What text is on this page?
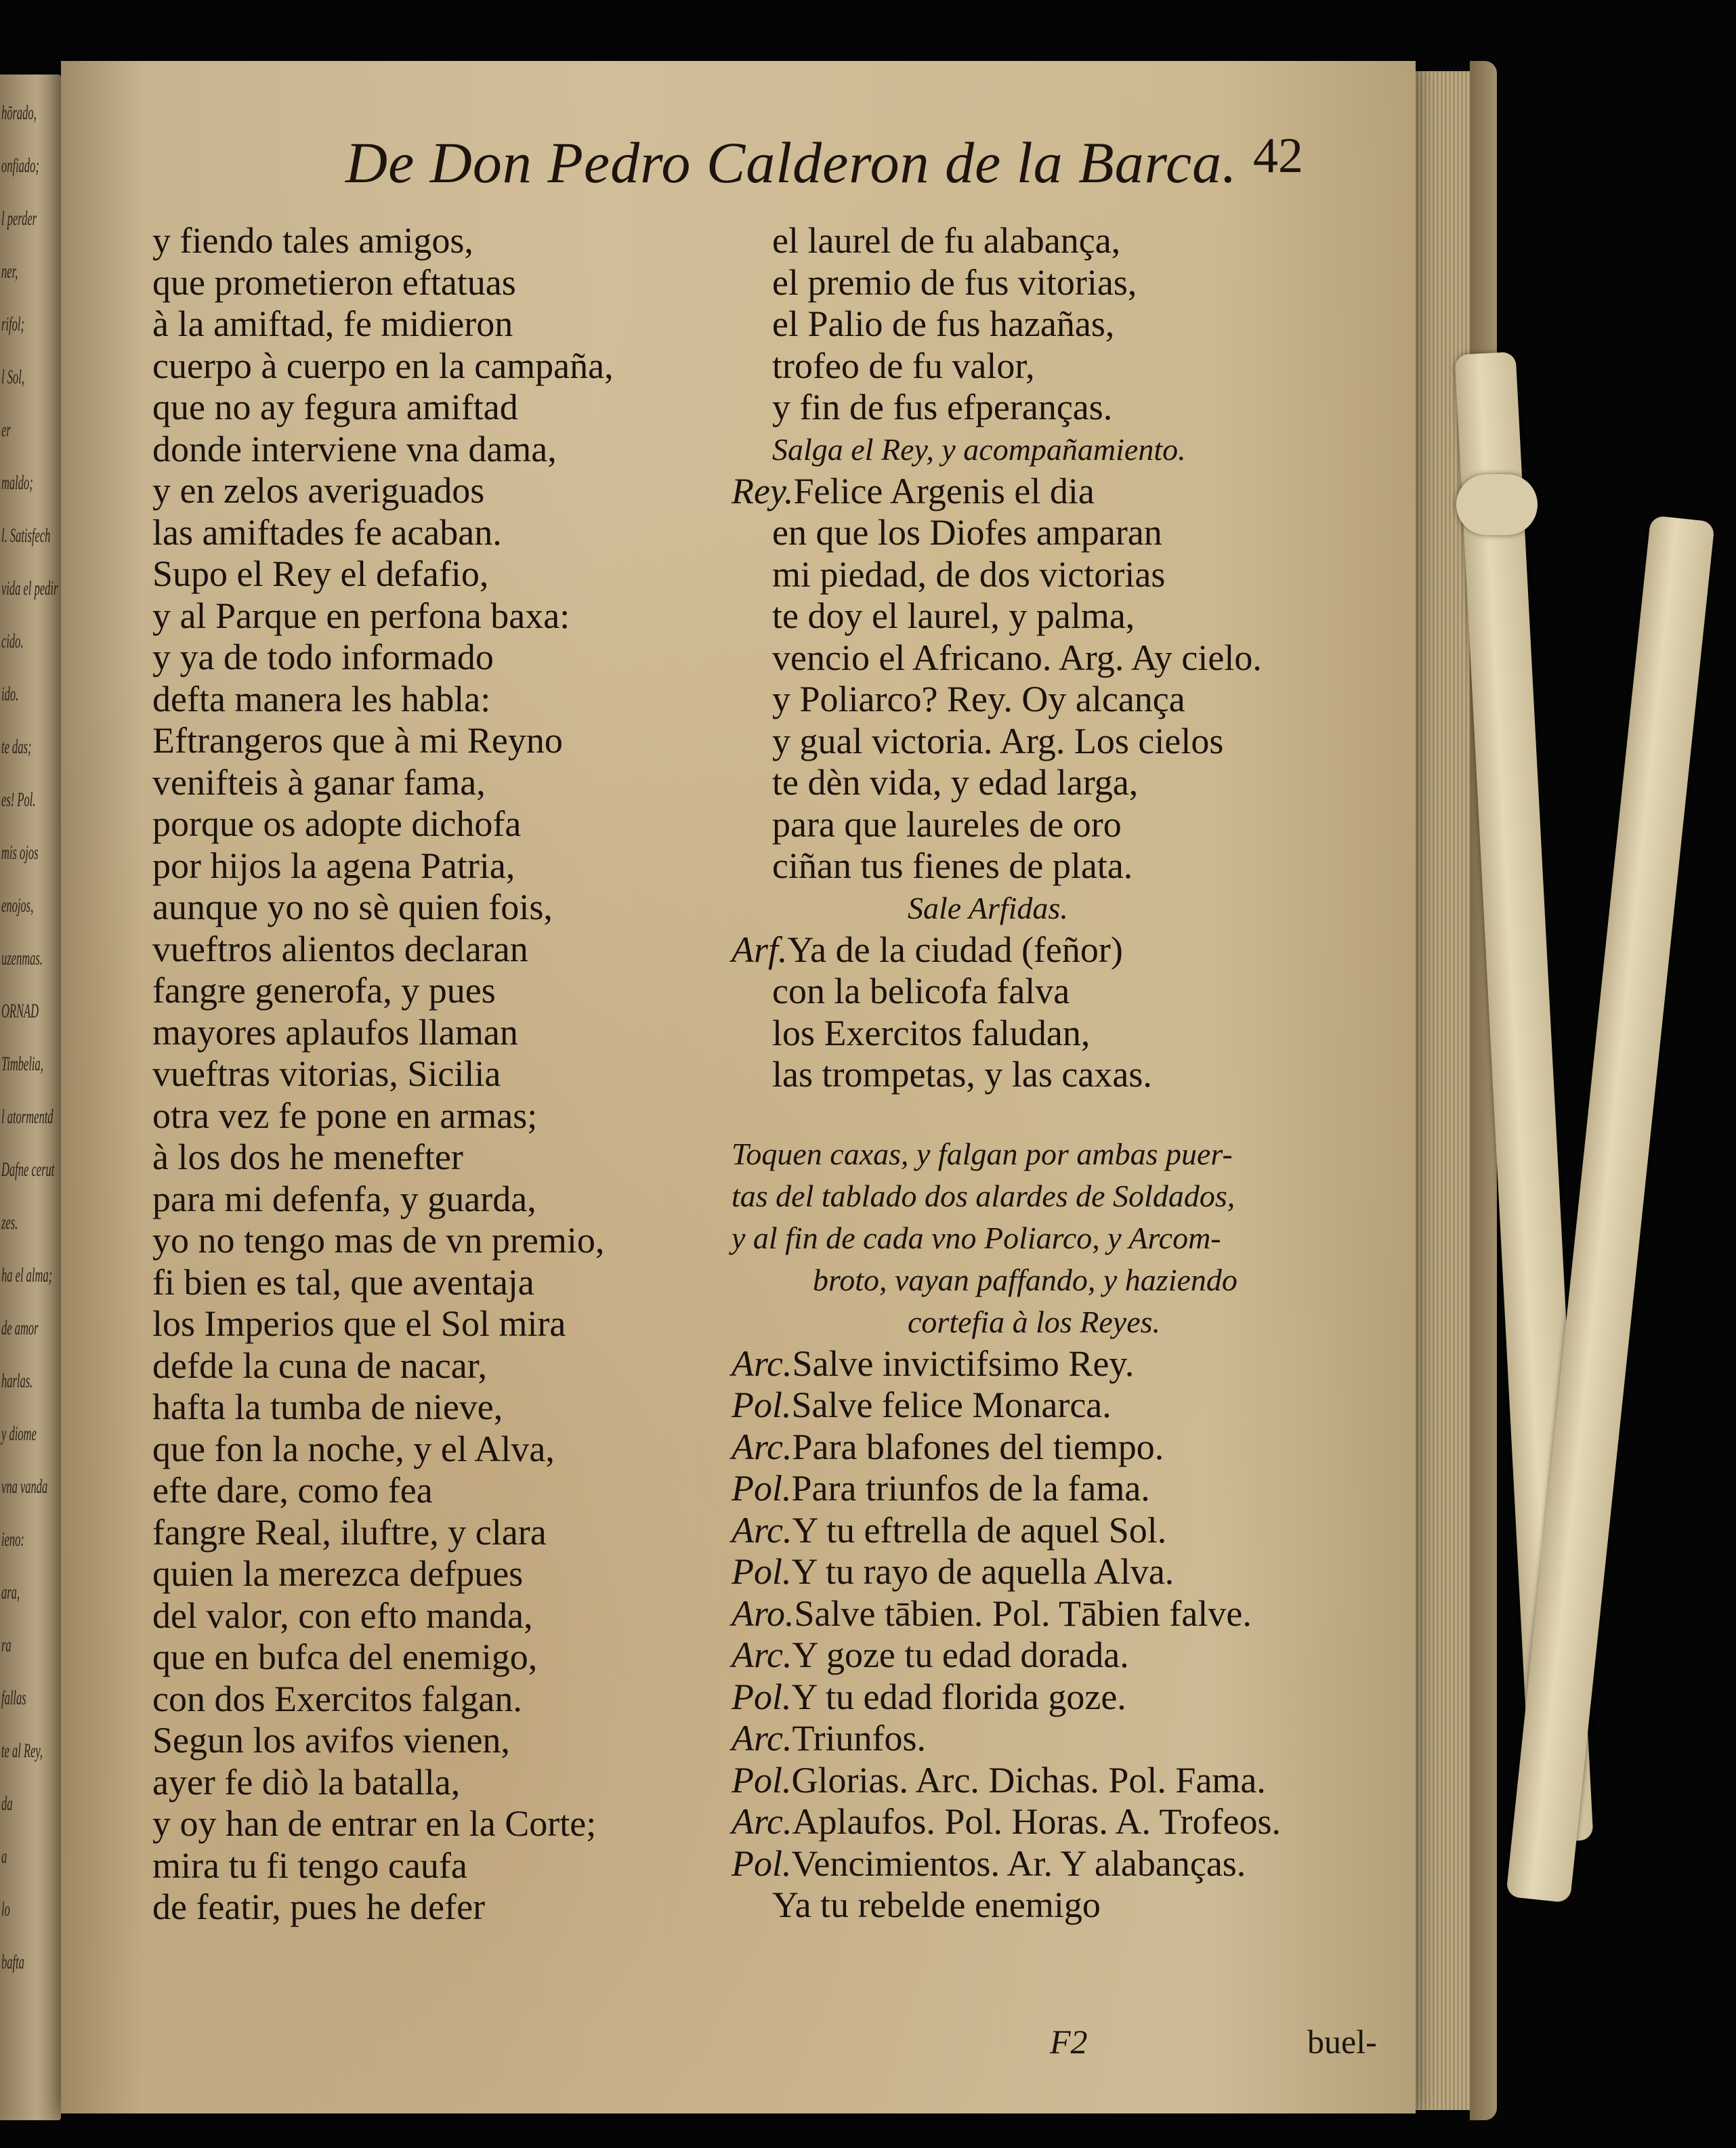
hōrado,
onfiado;
l perder
ner,
rifol;
l Sol,
er
maldo;
l. Satisfech
vida el pedir
cido.
ido.
te das;
es! Pol.
mis ojos
enojos,
uzenmas.
ORNAD
Timbelia,
l atormentd
Dafne cerut
zes.
ha el alma;
de amor
harlas.
y diome
vna vanda
ieno:
ara,
ra
fallas
te al Rey,
da
a
lo
bafta
De Don Pedro Calderon de la Barca. 42
y fiendo tales amigos,
que prometieron eftatuas
à la amiftad, fe midieron
cuerpo à cuerpo en la campaña,
que no ay fegura amiftad
donde interviene vna dama,
y en zelos averiguados
las amiftades fe acaban.
Supo el Rey el defafio,
y al Parque en perfona baxa:
y ya de todo informado
defta manera les habla:
Eftrangeros que à mi Reyno
venifteis à ganar fama,
porque os adopte dichofa
por hijos la agena Patria,
aunque yo no sè quien fois,
vueftros alientos declaran
fangre generofa, y pues
mayores aplaufos llaman
vueftras vitorias, Sicilia
otra vez fe pone en armas;
à los dos he menefter
para mi defenfa, y guarda,
yo no tengo mas de vn premio,
fi bien es tal, que aventaja
los Imperios que el Sol mira
defde la cuna de nacar,
hafta la tumba de nieve,
que fon la noche, y el Alva,
efte dare, como fea
fangre Real, iluftre, y clara
quien la merezca defpues
del valor, con efto manda,
que en bufca del enemigo,
con dos Exercitos falgan.
Segun los avifos vienen,
ayer fe diò la batalla,
y oy han de entrar en la Corte;
mira tu fi tengo caufa
de featir, pues he defer
el laurel de fu alabança,
el premio de fus vitorias,
el Palio de fus hazañas,
trofeo de fu valor,
y fin de fus efperanças.
Salga el Rey, y acompañamiento.
Rey.Felice Argenis el dia
en que los Diofes amparan
mi piedad, de dos victorias
te doy el laurel, y palma,
vencio el Africano. Arg. Ay cielo.
y Poliarco? Rey. Oy alcança
y gual victoria. Arg. Los cielos
te dèn vida, y edad larga,
para que laureles de oro
ciñan tus fienes de plata.
Sale Arfidas.
Arf.Ya de la ciudad (feñor)
con la belicofa falva
los Exercitos faludan,
las trompetas, y las caxas.
Toquen caxas, y falgan por ambas puer-
tas del tablado dos alardes de Soldados,
y al fin de cada vno Poliarco, y Arcom-
broto, vayan paffando, y haziendo
cortefia à los Reyes.
Arc.Salve invictifsimo Rey.
Pol.Salve felice Monarca.
Arc.Para blafones del tiempo.
Pol.Para triunfos de la fama.
Arc.Y tu eftrella de aquel Sol.
Pol.Y tu rayo de aquella Alva.
Aro.Salve tābien. Pol. Tābien falve.
Arc.Y goze tu edad dorada.
Pol.Y tu edad florida goze.
Arc.Triunfos.
Pol.Glorias. Arc. Dichas. Pol. Fama.
Arc.Aplaufos. Pol. Horas. A. Trofeos.
Pol.Vencimientos. Ar. Y alabanças.
Ya tu rebelde enemigo
F2	buel-
